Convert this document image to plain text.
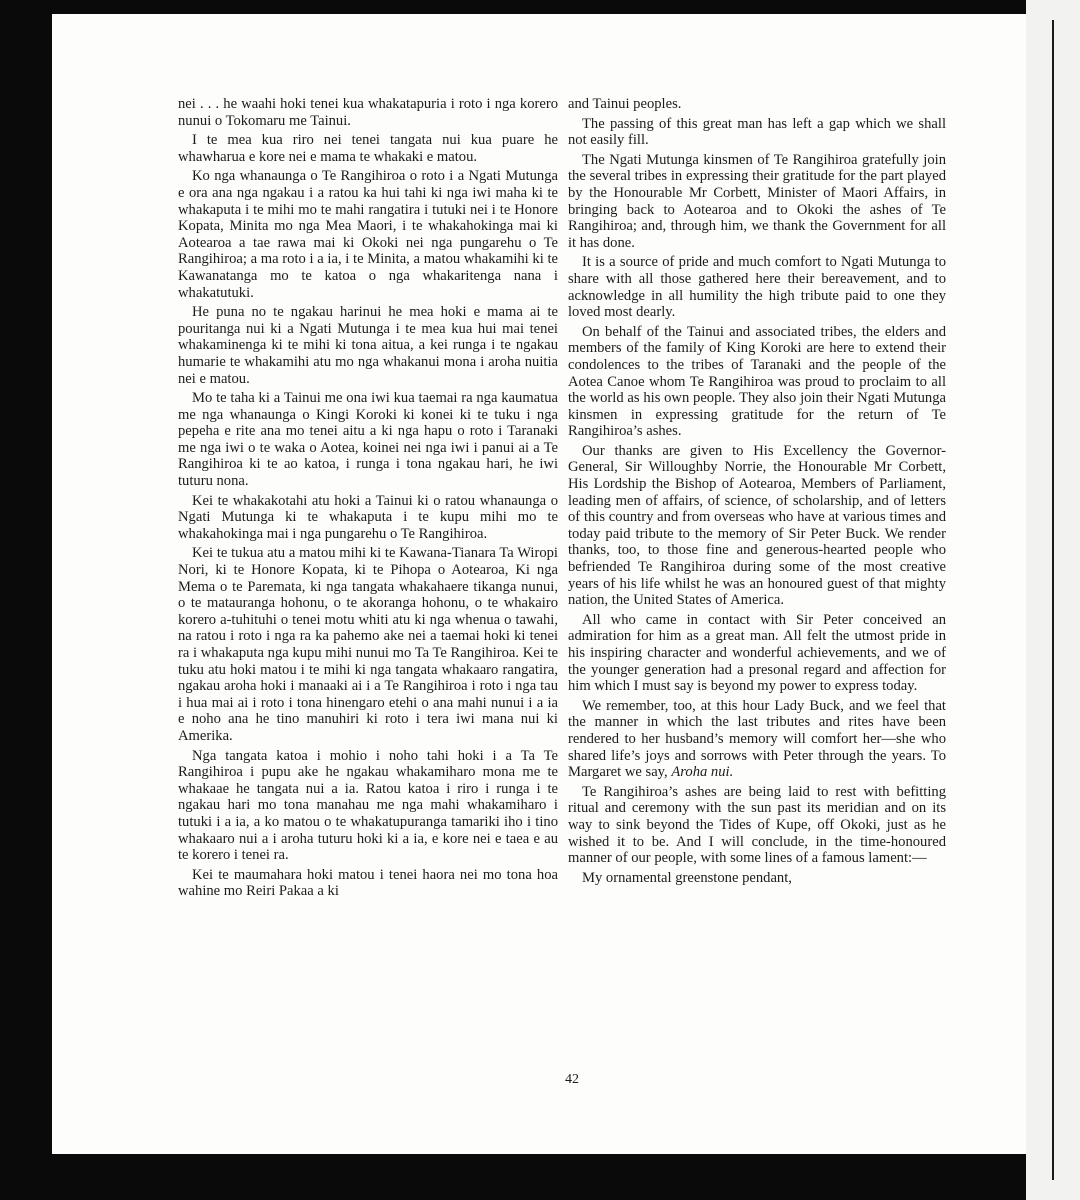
nei . . . he waahi hoki tenei kua whakatapuria i roto i nga korero nunui o Tokomaru me Tainui.

I te mea kua riro nei tenei tangata nui kua puare he whawharua e kore nei e mama te whakaki e matou.

Ko nga whanaunga o Te Rangihiroa o roto i a Ngati Mutunga e ora ana nga ngakau i a ratou ka hui tahi ki nga iwi maha ki te whakaputa i te mihi mo te mahi rangatira i tutuki nei i te Honore Kopata, Minita mo nga Mea Maori, i te whakahokinga mai ki Aotearoa a tae rawa mai ki Okoki nei nga pungarehu o Te Rangihiroa; a ma roto i a ia, i te Minita, a matou whakamihi ki te Kawanatanga mo te katoa o nga whakaritenga nana i whakatutuki.

He puna no te ngakau harinui he mea hoki e mama ai te pouritanga nui ki a Ngati Mutunga i te mea kua hui mai tenei whakaminenga ki te mihi ki tona aitua, a kei runga i te ngakau humarie te whakamihi atu mo nga whakanui mona i aroha nuitia nei e matou.

Mo te taha ki a Tainui me ona iwi kua taemai ra nga kaumatua me nga whanaunga o Kingi Koroki ki konei ki te tuku i nga pepeha e rite ana mo tenei aitu a ki nga hapu o roto i Taranaki me nga iwi o te waka o Aotea, koinei nei nga iwi i panui ai a Te Rangihiroa ki te ao katoa, i runga i tona ngakau hari, he iwi tuturu nona.

Kei te whakakotahi atu hoki a Tainui ki o ratou whanaunga o Ngati Mutunga ki te whakaputa i te kupu mihi mo te whakahokinga mai i nga pungarehu o Te Rangihiroa.

Kei te tukua atu a matou mihi ki te Kawana-Tianara Ta Wiropi Nori, ki te Honore Kopata, ki te Pihopa o Aotearoa, Ki nga Mema o te Paremata, ki nga tangata whakahaere tikanga nunui, o te matauranga hohonu, o te akoranga hohonu, o te whakairo korero a-tuhituhi o tenei motu whiti atu ki nga whenua o tawahi, na ratou i roto i nga ra ka pahemo ake nei a taemai hoki ki tenei ra i whakaputa nga kupu mihi nunui mo Ta Te Rangihiroa. Kei te tuku atu hoki matou i te mihi ki nga tangata whakaaro rangatira, ngakau aroha hoki i manaaki ai i a Te Rangihiroa i roto i nga tau i hua mai ai i roto i tona hinengaro etehi o ana mahi nunui i a ia e noho ana he tino manuhiri ki roto i tera iwi mana nui ki Amerika.

Nga tangata katoa i mohio i noho tahi hoki i a Ta Te Rangihiroa i pupu ake he ngakau whakamiharo mona me te whakaae he tangata nui a ia. Ratou katoa i riro i runga i te ngakau hari mo tona manahau me nga mahi whakamiharo i tutuki i a ia, a ko matou o te whakatupuranga tamariki iho i tino whakaaro nui a i aroha tuturu hoki ki a ia, e kore nei e taea e au te korero i tenei ra.

Kei te maumahara hoki matou i tenei haora nei mo tona hoa wahine mo Reiri Pakaa a ki

and Tainui peoples.

The passing of this great man has left a gap which we shall not easily fill.

The Ngati Mutunga kinsmen of Te Rangihiroa gratefully join the several tribes in expressing their gratitude for the part played by the Honourable Mr Corbett, Minister of Maori Affairs, in bringing back to Aotearoa and to Okoki the ashes of Te Rangihiroa; and, through him, we thank the Government for all it has done.

It is a source of pride and much comfort to Ngati Mutunga to share with all those gathered here their bereavement, and to acknowledge in all humility the high tribute paid to one they loved most dearly.

On behalf of the Tainui and associated tribes, the elders and members of the family of King Koroki are here to extend their condolences to the tribes of Taranaki and the people of the Aotea Canoe whom Te Rangihiroa was proud to proclaim to all the world as his own people. They also join their Ngati Mutunga kinsmen in expressing gratitude for the return of Te Rangihiroa’s ashes.

Our thanks are given to His Excellency the Governor-General, Sir Willoughby Norrie, the Honourable Mr Corbett, His Lordship the Bishop of Aotearoa, Members of Parliament, leading men of affairs, of science, of scholarship, and of letters of this country and from overseas who have at various times and today paid tribute to the memory of Sir Peter Buck. We render thanks, too, to those fine and generous-hearted people who befriended Te Rangihiroa during some of the most creative years of his life whilst he was an honoured guest of that mighty nation, the United States of America.

All who came in contact with Sir Peter conceived an admiration for him as a great man. All felt the utmost pride in his inspiring character and wonderful achievements, and we of the younger generation had a presonal regard and affection for him which I must say is beyond my power to express today.

We remember, too, at this hour Lady Buck, and we feel that the manner in which the last tributes and rites have been rendered to her husband’s memory will comfort her—she who shared life’s joys and sorrows with Peter through the years. To Margaret we say, Aroha nui.

Te Rangihiroa’s ashes are being laid to rest with befitting ritual and ceremony with the sun past its meridian and on its way to sink beyond the Tides of Kupe, off Okoki, just as he wished it to be. And I will conclude, in the time-honoured manner of our people, with some lines of a famous lament:—

My ornamental greenstone pendant,

42
